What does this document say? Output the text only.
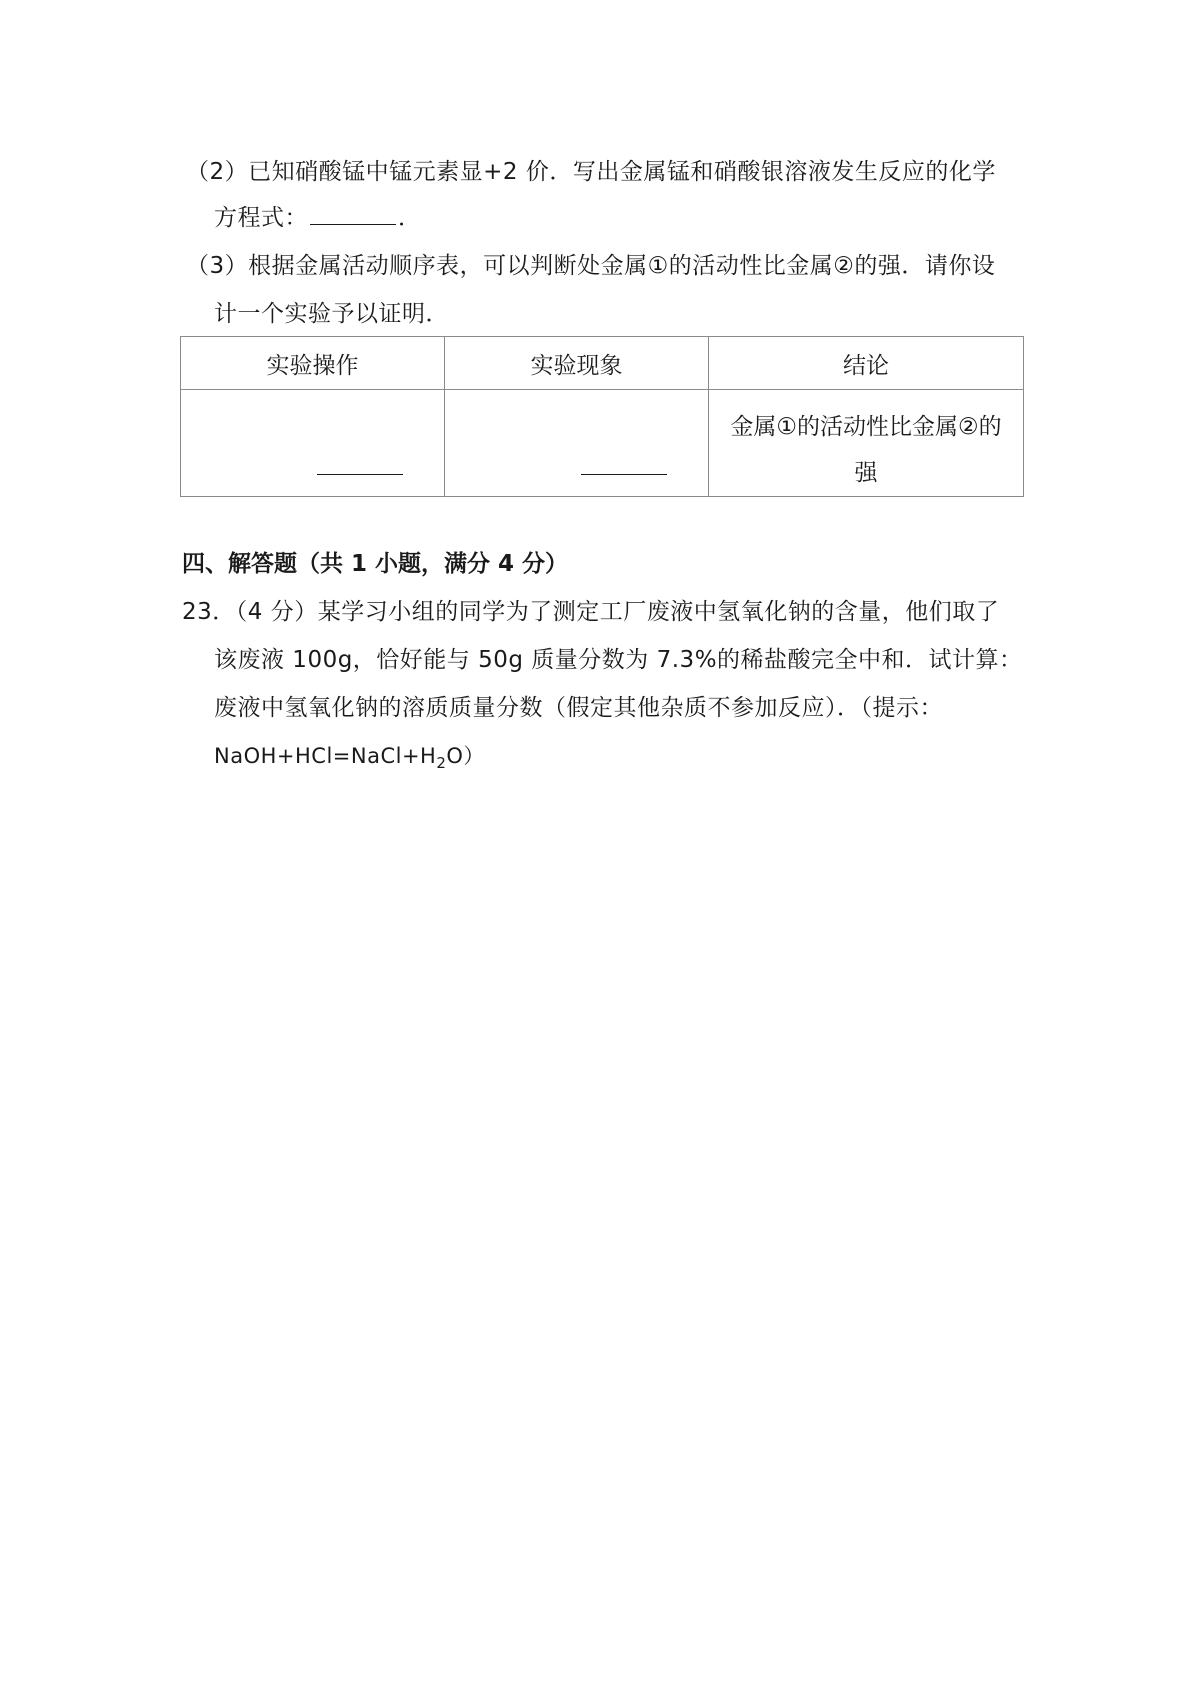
（2）已知硝酸锰中锰元素显+2 价．写出金属锰和硝酸银溶液发生反应的化学
方程式：	．
（3）根据金属活动顺序表，可以判断处金属①的活动性比金属②的强．请你设
计一个实验予以证明．
实验操作	实验现象	结论

		金属①的活动性比金属②的
强
四、解答题（共 1 小题，满分 4 分）
23．（4 分）某学习小组的同学为了测定工厂废液中氢氧化钠的含量，他们取了
该废液 100g，恰好能与 50g 质量分数为 7.3%的稀盐酸完全中和．试计算：
废液中氢氧化钠的溶质质量分数（假定其他杂质不参加反应）．（提示：
$NaOH+HCl=NaCl+H_2O$）
